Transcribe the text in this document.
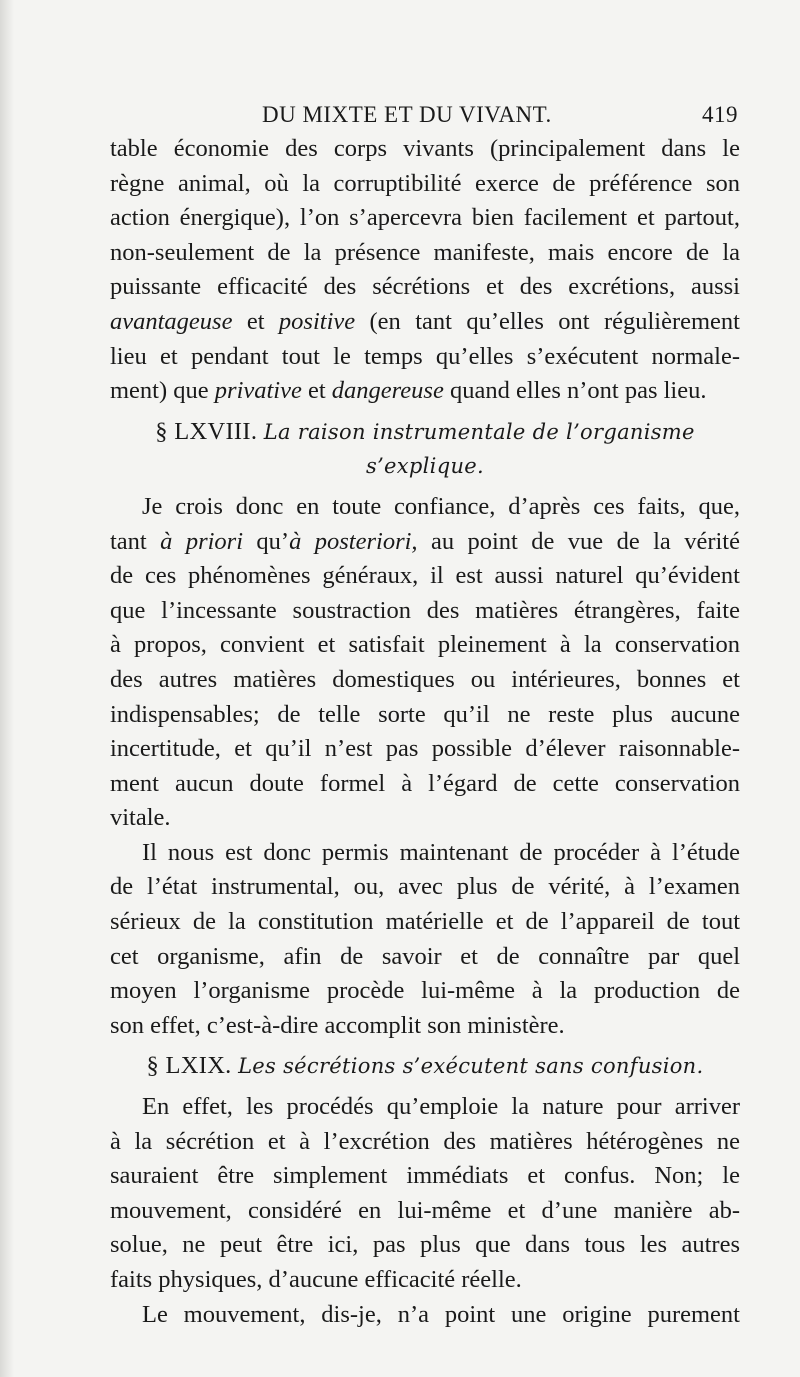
DU MIXTE ET DU VIVANT.	419

table économie des corps vivants (principalement dans le

règne animal, où la corruptibilité exerce de préférence son

action énergique), l’on s’apercevra bien facilement et partout,

non-seulement de la présence manifeste, mais encore de la

puissante efficacité des sécrétions et des excrétions, aussi

avantageuse et positive (en tant qu’elles ont régulièrement

lieu et pendant tout le temps qu’elles s’exécutent normale-

ment) que privative et dangereuse quand elles n’ont pas lieu.

§ LXVIII. La raison instrumentale de l’organisme s’explique.

Je crois donc en toute confiance, d’après ces faits, que,

tant à priori qu’à posteriori, au point de vue de la vérité

de ces phénomènes généraux, il est aussi naturel qu’évident

que l’incessante soustraction des matières étrangères, faite

à propos, convient et satisfait pleinement à la conservation

des autres matières domestiques ou intérieures, bonnes et

indispensables; de telle sorte qu’il ne reste plus aucune

incertitude, et qu’il n’est pas possible d’élever raisonnable-

ment aucun doute formel à l’égard de cette conservation

vitale.

Il nous est donc permis maintenant de procéder à l’étude

de l’état instrumental, ou, avec plus de vérité, à l’examen

sérieux de la constitution matérielle et de l’appareil de tout

cet organisme, afin de savoir et de connaître par quel

moyen l’organisme procède lui-même à la production de

son effet, c’est-à-dire accomplit son ministère.

§ LXIX. Les sécrétions s’exécutent sans confusion.

En effet, les procédés qu’emploie la nature pour arriver

à la sécrétion et à l’excrétion des matières hétérogènes ne

sauraient être simplement immédiats et confus. Non; le

mouvement, considéré en lui-même et d’une manière ab-

solue, ne peut être ici, pas plus que dans tous les autres

faits physiques, d’aucune efficacité réelle.

Le mouvement, dis-je, n’a point une origine purement
